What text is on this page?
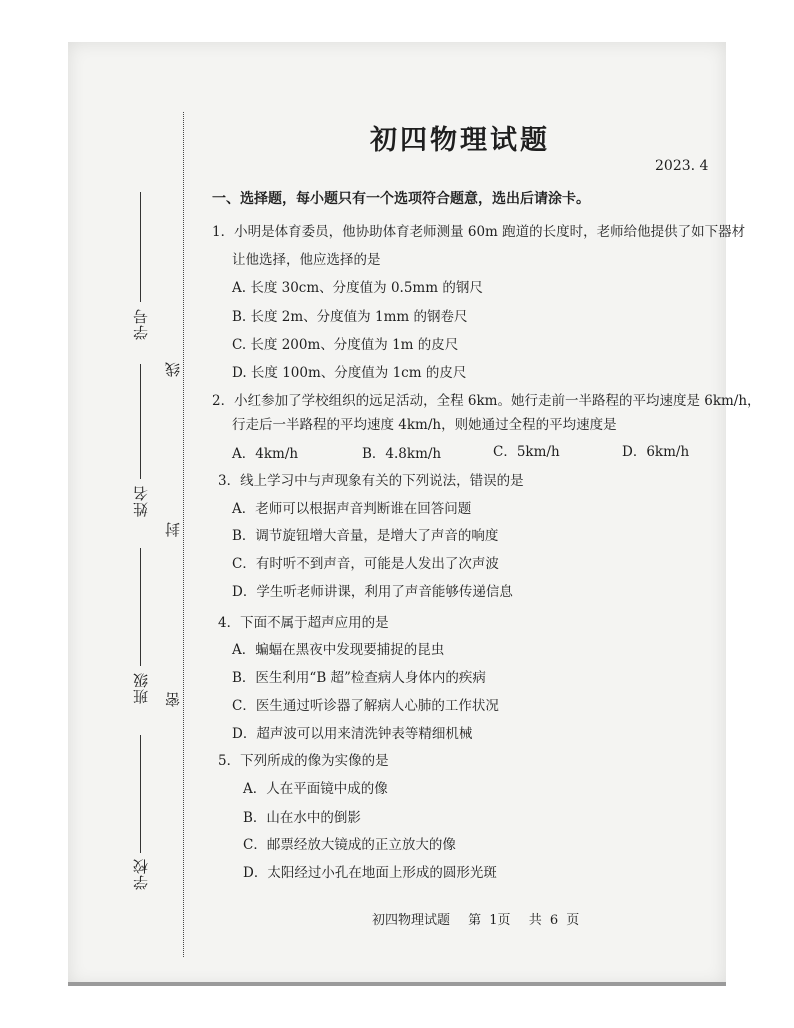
学校
班级
姓名
学号
密
封
线
初四物理试题
2023. 4
一、选择题，每小题只有一个选项符合题意，选出后请涂卡。
1．小明是体育委员，他协助体育老师测量 60m 跑道的长度时，老师给他提供了如下器材
让他选择，他应选择的是
A. 长度 30cm、分度值为 0.5mm 的钢尺
B. 长度 2m、分度值为 1mm 的钢卷尺
C. 长度 200m、分度值为 1m 的皮尺
D. 长度 100m、分度值为 1cm 的皮尺
2．小红参加了学校组织的远足活动，全程 6km。她行走前一半路程的平均速度是 6km/h，
行走后一半路程的平均速度 4km/h，则她通过全程的平均速度是
A．4km/h	B．4.8km/h	C．5km/h	D．6km/h
3．线上学习中与声现象有关的下列说法，错误的是
A．老师可以根据声音判断谁在回答问题
B．调节旋钮增大音量，是增大了声音的响度
C．有时听不到声音，可能是人发出了次声波
D．学生听老师讲课，利用了声音能够传递信息
4．下面不属于超声应用的是
A．蝙蝠在黑夜中发现要捕捉的昆虫
B．医生利用“B 超”检查病人身体内的疾病
C．医生通过听诊器了解病人心肺的工作状况
D．超声波可以用来清洗钟表等精细机械
5．下列所成的像为实像的是
A．人在平面镜中成的像
B．山在水中的倒影
C．邮票经放大镜成的正立放大的像
D．太阳经过小孔在地面上形成的圆形光斑
初四物理试题 第 1页 共 6 页
